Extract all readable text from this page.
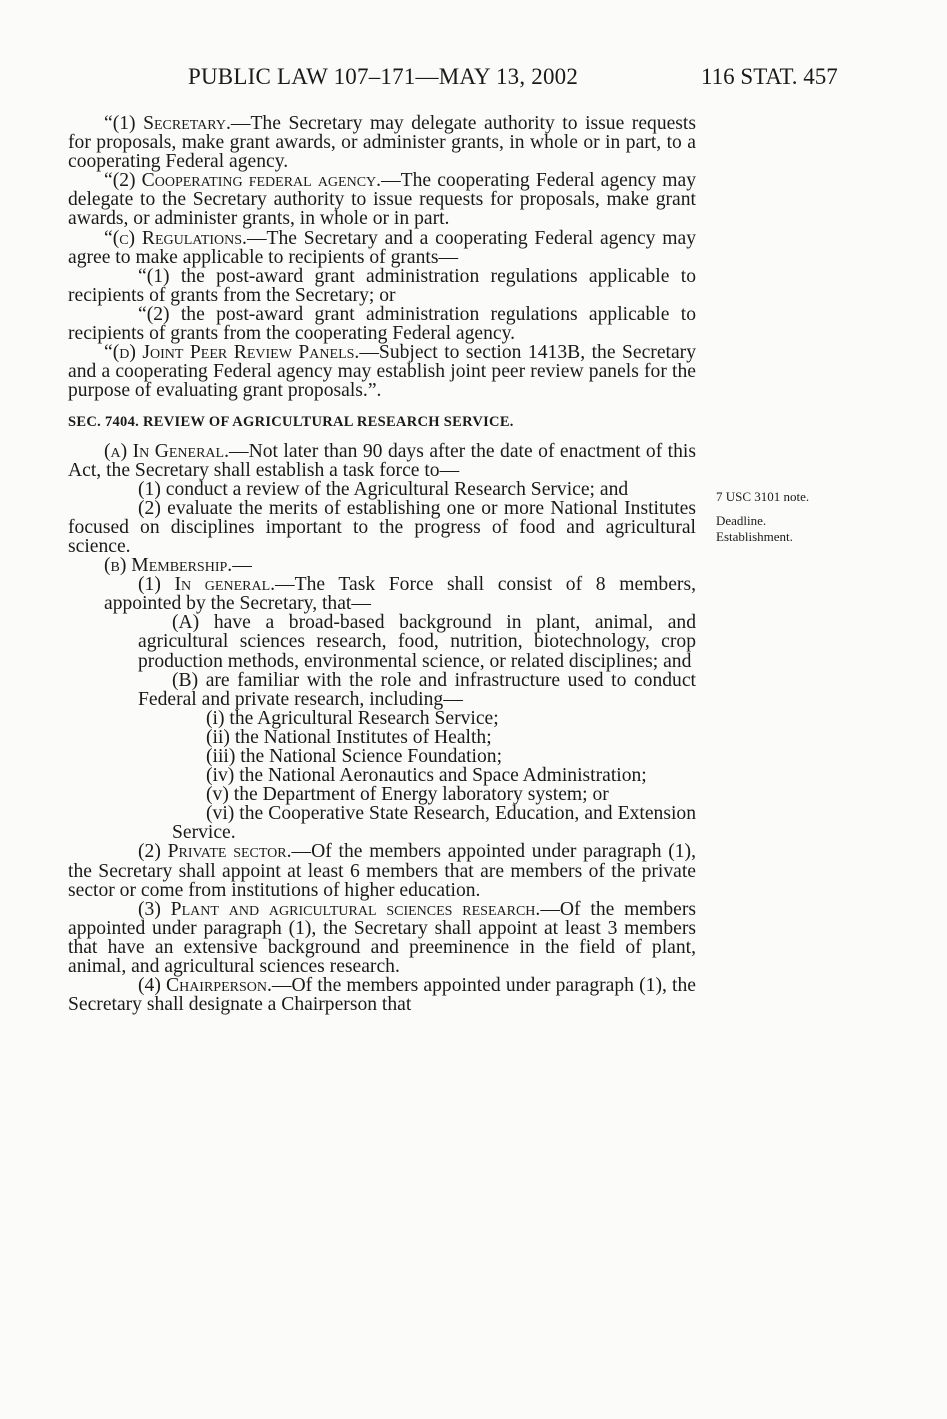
PUBLIC LAW 107–171—MAY 13, 2002	116 STAT. 457
7 USC 3101 note.
Deadline.
Establishment.

“(1) Secretary.—The Secretary may delegate authority to issue requests for proposals, make grant awards, or administer grants, in whole or in part, to a cooperating Federal agency.

“(2) Cooperating federal agency.—The cooperating Federal agency may delegate to the Secretary authority to issue requests for proposals, make grant awards, or administer grants, in whole or in part.

“(c) Regulations.—The Secretary and a cooperating Federal agency may agree to make applicable to recipients of grants—

“(1) the post-award grant administration regulations applicable to recipients of grants from the Secretary; or

“(2) the post-award grant administration regulations applicable to recipients of grants from the cooperating Federal agency.

“(d) Joint Peer Review Panels.—Subject to section 1413B, the Secretary and a cooperating Federal agency may establish joint peer review panels for the purpose of evaluating grant proposals.”.

SEC. 7404. REVIEW OF AGRICULTURAL RESEARCH SERVICE.

(a) In General.—Not later than 90 days after the date of enactment of this Act, the Secretary shall establish a task force to—

(1) conduct a review of the Agricultural Research Service; and

(2) evaluate the merits of establishing one or more National Institutes focused on disciplines important to the progress of food and agricultural science.

(b) Membership.—

(1) In general.—The Task Force shall consist of 8 members, appointed by the Secretary, that—

(A) have a broad-based background in plant, animal, and agricultural sciences research, food, nutrition, biotechnology, crop production methods, environmental science, or related disciplines; and

(B) are familiar with the role and infrastructure used to conduct Federal and private research, including—

(i) the Agricultural Research Service;

(ii) the National Institutes of Health;

(iii) the National Science Foundation;

(iv) the National Aeronautics and Space Administration;

(v) the Department of Energy laboratory system; or

(vi) the Cooperative State Research, Education, and Extension Service.

(2) Private sector.—Of the members appointed under paragraph (1), the Secretary shall appoint at least 6 members that are members of the private sector or come from institutions of higher education.

(3) Plant and agricultural sciences research.—Of the members appointed under paragraph (1), the Secretary shall appoint at least 3 members that have an extensive background and preeminence in the field of plant, animal, and agricultural sciences research.

(4) Chairperson.—Of the members appointed under paragraph (1), the Secretary shall designate a Chairperson that
